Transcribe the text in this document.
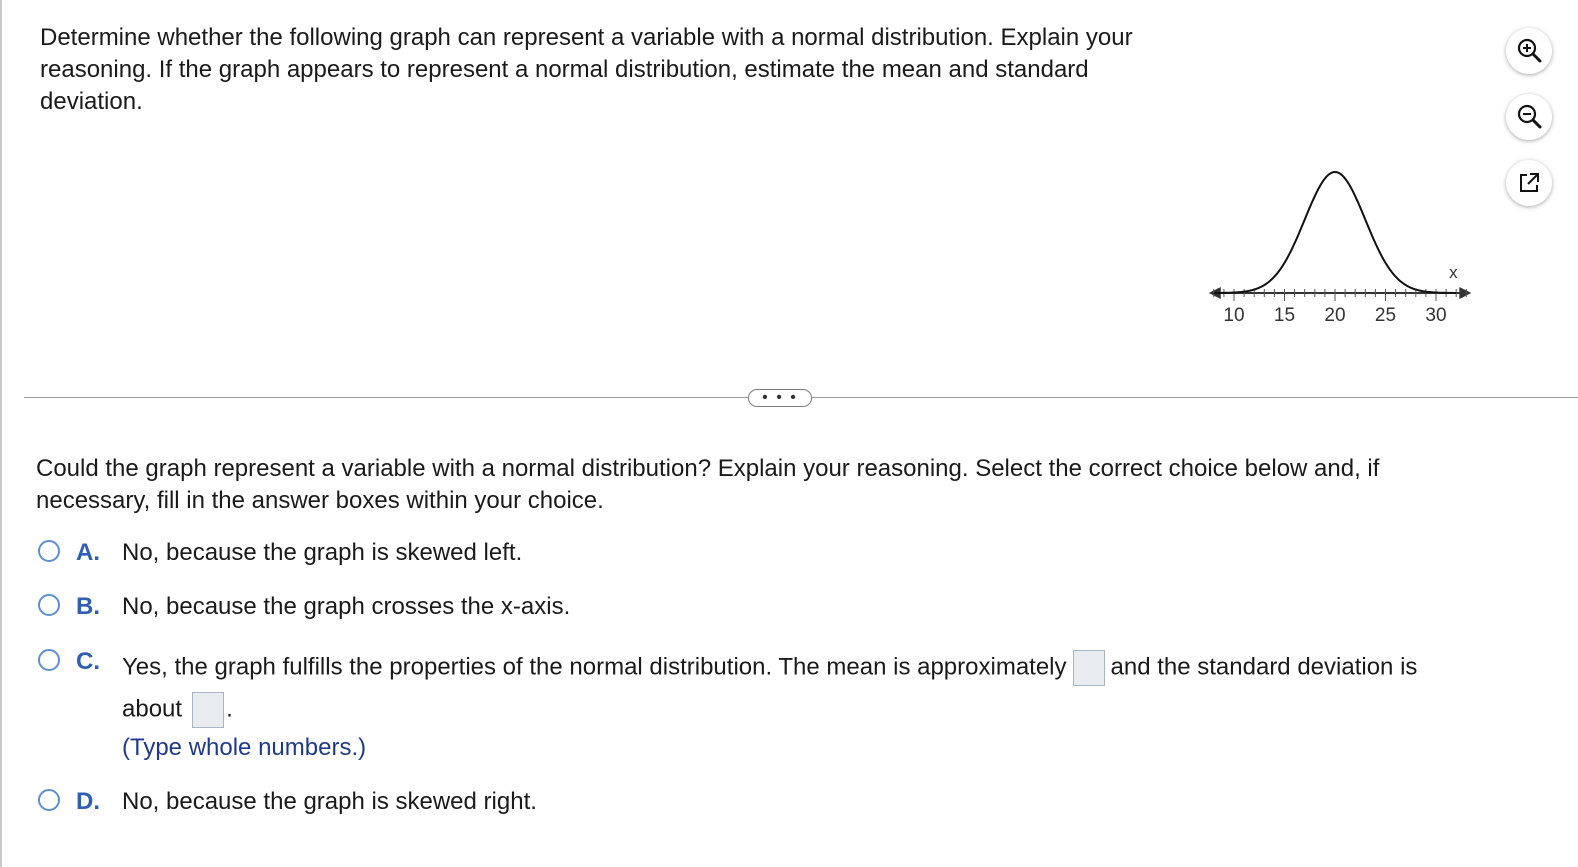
Determine whether the following graph can represent a variable with a normal distribution. Explain your reasoning. If the graph appears to represent a normal distribution, estimate the mean and standard deviation.

10 15 20 25 30
x
• • •

Could the graph represent a variable with a normal distribution? Explain your reasoning. Select the correct choice below and, if necessary, fill in the answer boxes within your choice.

A. No, because the graph is skewed left.
B. No, because the graph crosses the x-axis.
C. Yes, the graph fulfills the properties of the normal distribution. The mean is approximately and the standard deviation is
about .
(Type whole numbers.)
D. No, because the graph is skewed right.
